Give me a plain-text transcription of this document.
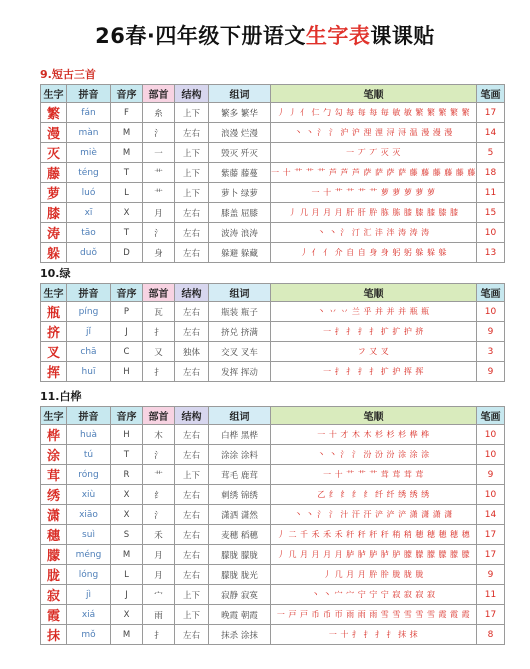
26春·四年级下册语文生字表课课贴
9.短古三首
生字	拼音	音序	部首	结构	组词	笔顺	笔画
繁	fán	F	糸	上下	繁多 繁华	丿 丿 亻 仁 勹 勾 每 每 每 毎 敏 敏 繁 繁 繁 繁 繁	17
漫	màn	M	氵	左右	浪漫 烂漫	丶 丶 氵 氵 沪 沪 浬 浬 浔 浔 温 漫 漫 漫	14
灭	miè	M	一	上下	毁灭 歼灭	一 丆 丆 灭 灭	5
藤	téng	T	艹	上下	紫藤 藤蔓	一 十 艹 艹 艹 芦 芦 芦 萨 萨 萨 萨 藤 藤 藤 藤 藤 藤	18
萝	luó	L	艹	上下	萝卜 绿萝	一 十 艹 艹 艹 艹 萝 萝 萝 萝 萝	11
膝	xī	X	月	左右	膝盖 屈膝	丿 几 月 月 月 肝 肝 肸 胨 胨 膝 膝 膝 膝 膝	15
涛	tāo	T	氵	左右	波涛 浪涛	丶 丶 氵 汀 汇 沣 泮 涛 涛 涛	10
躲	duǒ	D	身	左右	躲避 躲藏	丿 亻 亻 介 自 自 身 身 躬 躬 躲 躲 躲	13
10.绿
生字	拼音	音序	部首	结构	组词	笔顺	笔画
瓶	píng	P	瓦	左右	瓶装 瓶子	丶 丷 丷 兰 乎 并 并 并 瓶 瓶	10
挤	jǐ	J	扌	左右	挤兑 挤满	一 扌 扌 扌 扌 扩 扩 护 挤	9
叉	chā	C	又	独体	交叉 叉车	フ 又 叉	3
挥	huī	H	扌	左右	发挥 挥动	一 扌 扌 扌 扌 扩 护 挥 挥	9
11.白桦
生字	拼音	音序	部首	结构	组词	笔顺	笔画
桦	huà	H	木	左右	白桦 黑桦	一 十 才 木 木 杉 杉 杉 桦 桦	10
涂	tú	T	氵	左右	涂涂 涂料	丶 丶 氵 氵 汾 汾 汾 涂 涂 涂	10
茸	róng	R	艹	上下	茸毛 鹿茸	一 十 艹 艹 艹 茸 茸 茸 茸	9
绣	xiù	X	纟	左右	刺绣 锦绣	乙 纟 纟 纟 纟 纤 纤 绣 绣 绣	10
潇	xiāo	X	氵	左右	潇洒 潇然	丶 丶 氵 氵 汁 汗 汗 浐 浐 浐 潇 潇 潇 潇	14
穗	suì	S	禾	左右	麦穗 稻穗	丿 二 千 禾 禾 禾 秆 秆 秆 秆 稍 稍 穂 穂 穂 穂 穗	17
朦	méng	M	月	左右	朦胧 朦胧	丿 几 月 月 月 月 胪 胪 胪 胪 胪 朦 朦 朦 朦 朦 朦	17
胧	lóng	L	月	左右	朦胧 胧光	丿 几 月 月 肸 肸 胧 胧 胧	9
寂	jì	J	宀	上下	寂静 寂寞	丶 丶 宀 宀 宁 宁 宁 寂 寂 寂 寂	11
霞	xiá	X	雨	上下	晚霞 朝霞	一 戸 戸 币 币 帀 雨 雨 雨 雪 雪 雪 雪 雪 霞 霞 霞	17
抹	mǒ	M	扌	左右	抹杀 涂抹	一 十 扌 扌 扌 扌 抹 抹	8
